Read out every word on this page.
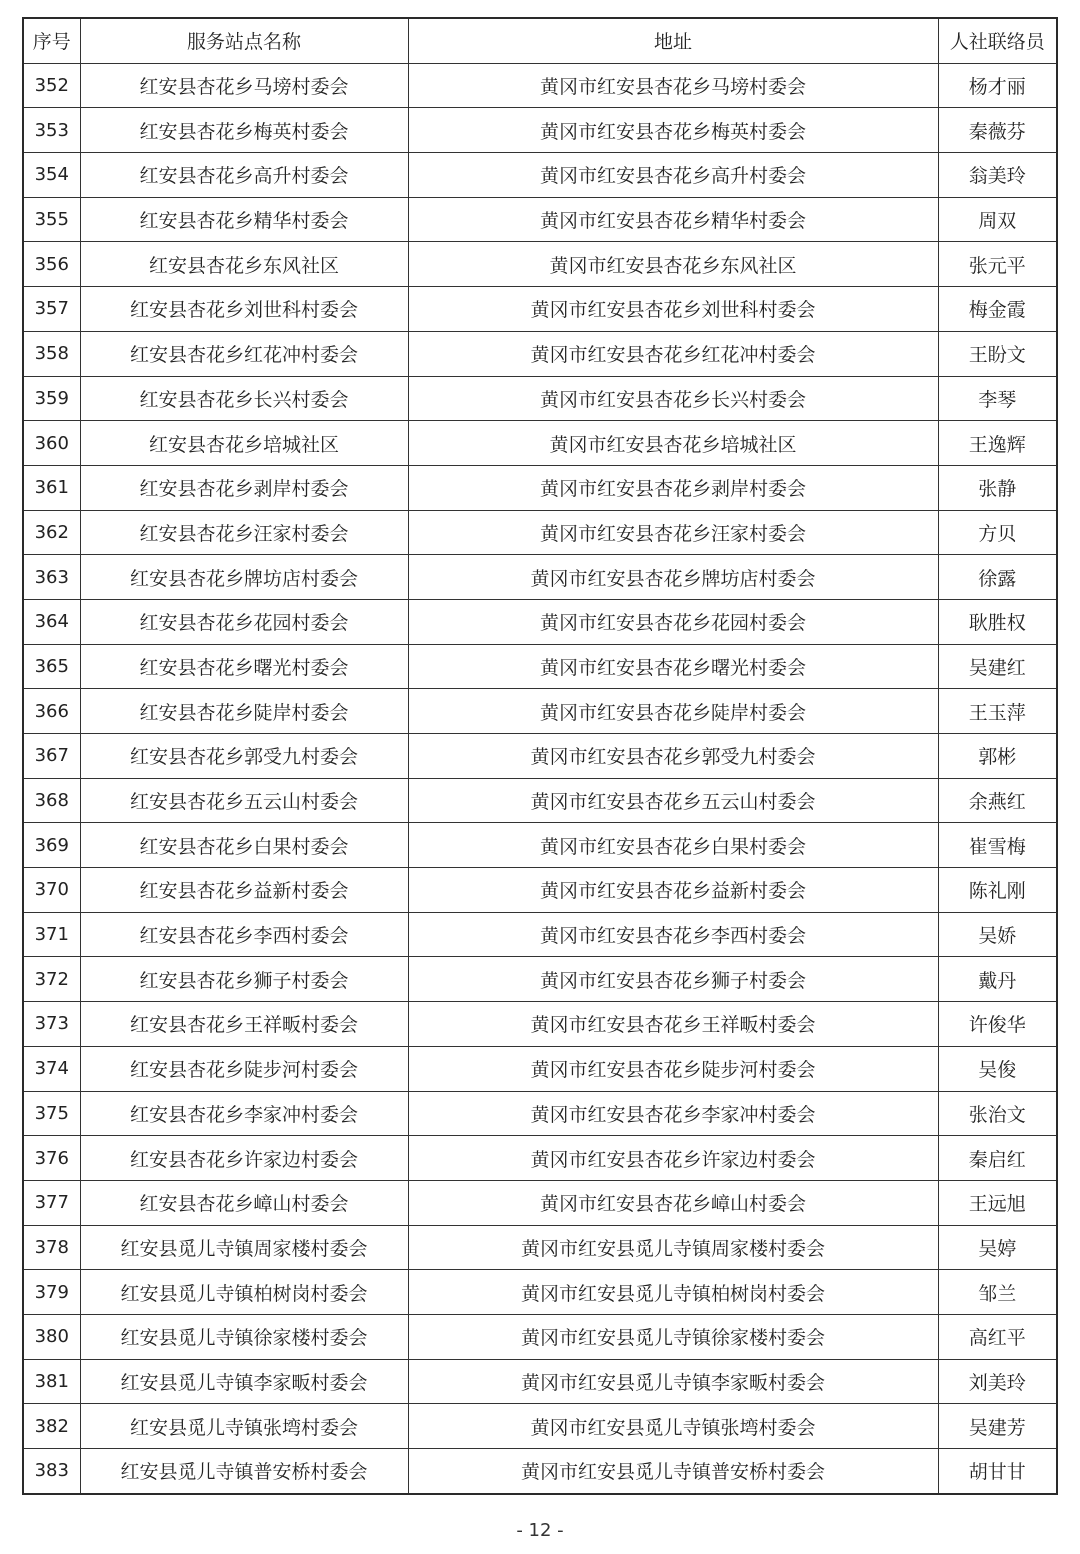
序号	服务站点名称	地址	人社联络员
352	红安县杏花乡马塝村委会	黄冈市红安县杏花乡马塝村委会	杨才丽
353	红安县杏花乡梅英村委会	黄冈市红安县杏花乡梅英村委会	秦薇芬
354	红安县杏花乡高升村委会	黄冈市红安县杏花乡高升村委会	翁美玲
355	红安县杏花乡精华村委会	黄冈市红安县杏花乡精华村委会	周双
356	红安县杏花乡东风社区	黄冈市红安县杏花乡东风社区	张元平
357	红安县杏花乡刘世科村委会	黄冈市红安县杏花乡刘世科村委会	梅金霞
358	红安县杏花乡红花冲村委会	黄冈市红安县杏花乡红花冲村委会	王盼文
359	红安县杏花乡长兴村委会	黄冈市红安县杏花乡长兴村委会	李琴
360	红安县杏花乡培城社区	黄冈市红安县杏花乡培城社区	王逸辉
361	红安县杏花乡剥岸村委会	黄冈市红安县杏花乡剥岸村委会	张静
362	红安县杏花乡汪家村委会	黄冈市红安县杏花乡汪家村委会	方贝
363	红安县杏花乡牌坊店村委会	黄冈市红安县杏花乡牌坊店村委会	徐露
364	红安县杏花乡花园村委会	黄冈市红安县杏花乡花园村委会	耿胜权
365	红安县杏花乡曙光村委会	黄冈市红安县杏花乡曙光村委会	吴建红
366	红安县杏花乡陡岸村委会	黄冈市红安县杏花乡陡岸村委会	王玉萍
367	红安县杏花乡郭受九村委会	黄冈市红安县杏花乡郭受九村委会	郭彬
368	红安县杏花乡五云山村委会	黄冈市红安县杏花乡五云山村委会	余燕红
369	红安县杏花乡白果村委会	黄冈市红安县杏花乡白果村委会	崔雪梅
370	红安县杏花乡益新村委会	黄冈市红安县杏花乡益新村委会	陈礼刚
371	红安县杏花乡李西村委会	黄冈市红安县杏花乡李西村委会	吴娇
372	红安县杏花乡狮子村委会	黄冈市红安县杏花乡狮子村委会	戴丹
373	红安县杏花乡王祥畈村委会	黄冈市红安县杏花乡王祥畈村委会	许俊华
374	红安县杏花乡陡步河村委会	黄冈市红安县杏花乡陡步河村委会	吴俊
375	红安县杏花乡李家冲村委会	黄冈市红安县杏花乡李家冲村委会	张治文
376	红安县杏花乡许家边村委会	黄冈市红安县杏花乡许家边村委会	秦启红
377	红安县杏花乡嶂山村委会	黄冈市红安县杏花乡嶂山村委会	王远旭
378	红安县觅儿寺镇周家楼村委会	黄冈市红安县觅儿寺镇周家楼村委会	吴婷
379	红安县觅儿寺镇柏树岗村委会	黄冈市红安县觅儿寺镇柏树岗村委会	邹兰
380	红安县觅儿寺镇徐家楼村委会	黄冈市红安县觅儿寺镇徐家楼村委会	高红平
381	红安县觅儿寺镇李家畈村委会	黄冈市红安县觅儿寺镇李家畈村委会	刘美玲
382	红安县觅儿寺镇张塆村委会	黄冈市红安县觅儿寺镇张塆村委会	吴建芳
383	红安县觅儿寺镇普安桥村委会	黄冈市红安县觅儿寺镇普安桥村委会	胡甘甘
- 12 -
